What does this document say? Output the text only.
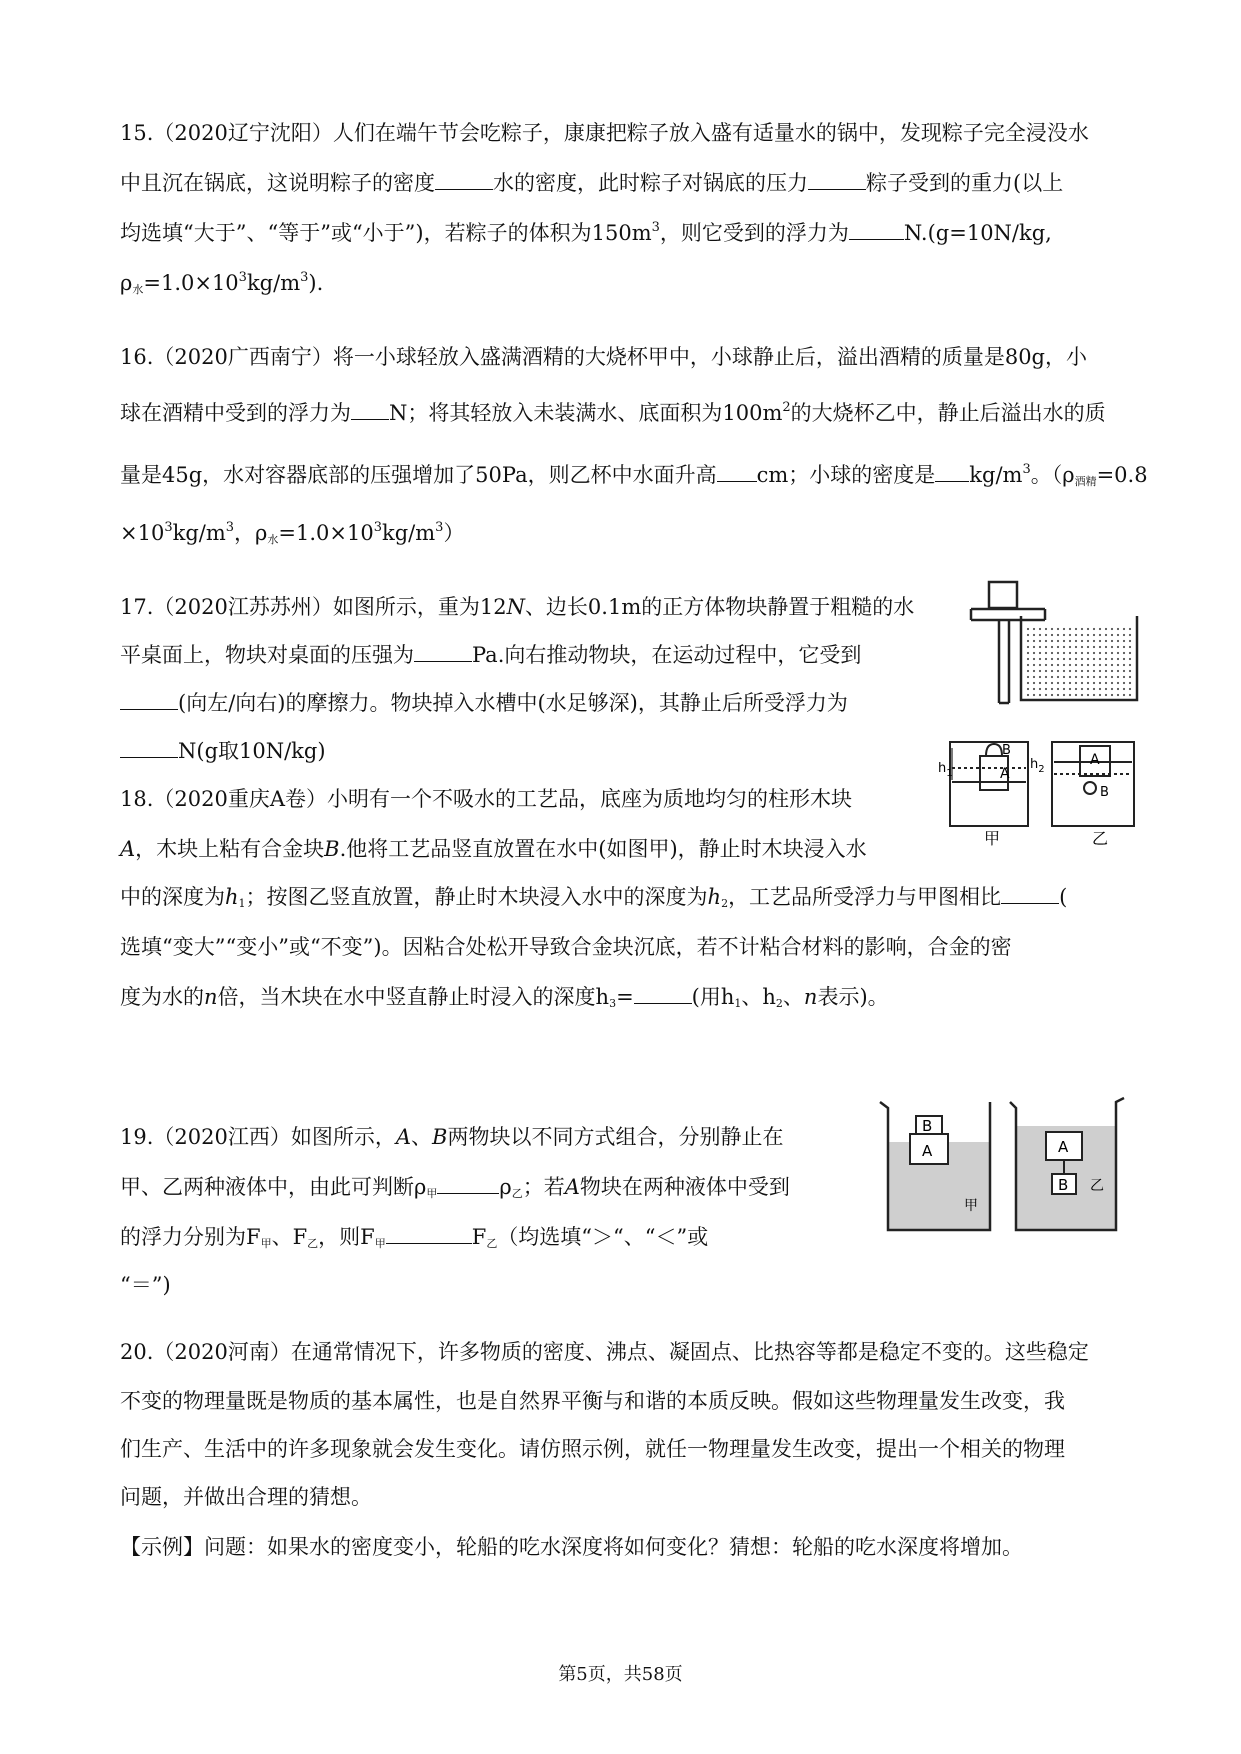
15.（2020辽宁沈阳）人们在端午节会吃粽子，康康把粽子放入盛有适量水的锅中，发现粽子完全浸没水
中且沉在锅底，这说明粽子的密度	水的密度，此时粽子对锅底的压力	粽子受到的重力(以上
均选填“大于”、“等于”或“小于”)，若粽子的体积为$150m^3$，则它受到的浮力为	N.(g=10N/kg,
$\rho_水=1.0\times 10^3kg/m^3$).
16.（2020广西南宁）将一小球轻放入盛满酒精的大烧杯甲中，小球静止后，溢出酒精的质量是80g，小
球在酒精中受到的浮力为 N；将其轻放入未装满水、底面积为$100m^2$的大烧杯乙中，静止后溢出水的质
量是45g，水对容器底部的压强增加了50Pa，则乙杯中水面升高 cm；小球的密度是 $kg/m^3$。（$\rho_{酒精}=0.8$
$\times 10^3kg/m^3$，$\rho_水=1.0\times 10^3kg/m^3$）
17.（2020江苏苏州）如图所示，重为12N、边长0.1m的正方体物块静置于粗糙的水
平桌面上，物块对桌面的压强为	Pa.向右推动物块，在运动过程中，它受到
(向左/向右)的摩擦力。物块掉入水槽中(水足够深)，其静止后所受浮力为
N(g取10N/kg)
18.（2020重庆A卷）小明有一个不吸水的工艺品，底座为质地均匀的柱形木块
A，木块上粘有合金块B.他将工艺品竖直放置在水中(如图甲)，静止时木块浸入水
中的深度为$h_1$；按图乙竖直放置，静止时木块浸入水中的深度为$h_2$，工艺品所受浮力与甲图相比	(
选填“变大”“变小”或“不变”)。因粘合处松开导致合金块沉底，若不计粘合材料的影响，合金的密
度为水的n倍，当木块在水中竖直静止时浸入的深度$h_3=$	(用$h_1$、$h_2$、n表示)。
19.（2020江西）如图所示，A、B两物块以不同方式组合，分别静止在
甲、乙两种液体中，由此可判断$\rho_甲$	$\rho_乙$；若A物块在两种液体中受到
的浮力分别为$F_甲$、$F_乙$，则$F_甲$	$F_乙$（均选填“＞“、“＜”或
“＝”)
20.（2020河南）在通常情况下，许多物质的密度、沸点、凝固点、比热容等都是稳定不变的。这些稳定
不变的物理量既是物质的基本属性，也是自然界平衡与和谐的本质反映。假如这些物理量发生改变，我
们生产、生活中的许多现象就会发生变化。请仿照示例，就任一物理量发生改变，提出一个相关的物理
问题，并做出合理的猜想。
【示例】问题：如果水的密度变小，轮船的吃水深度将如何变化？猜想：轮船的吃水深度将增加。
A
B
$h_1$
A
B
$h_2$
甲	乙
B
A
甲
A
B 乙
第5页，共58页
